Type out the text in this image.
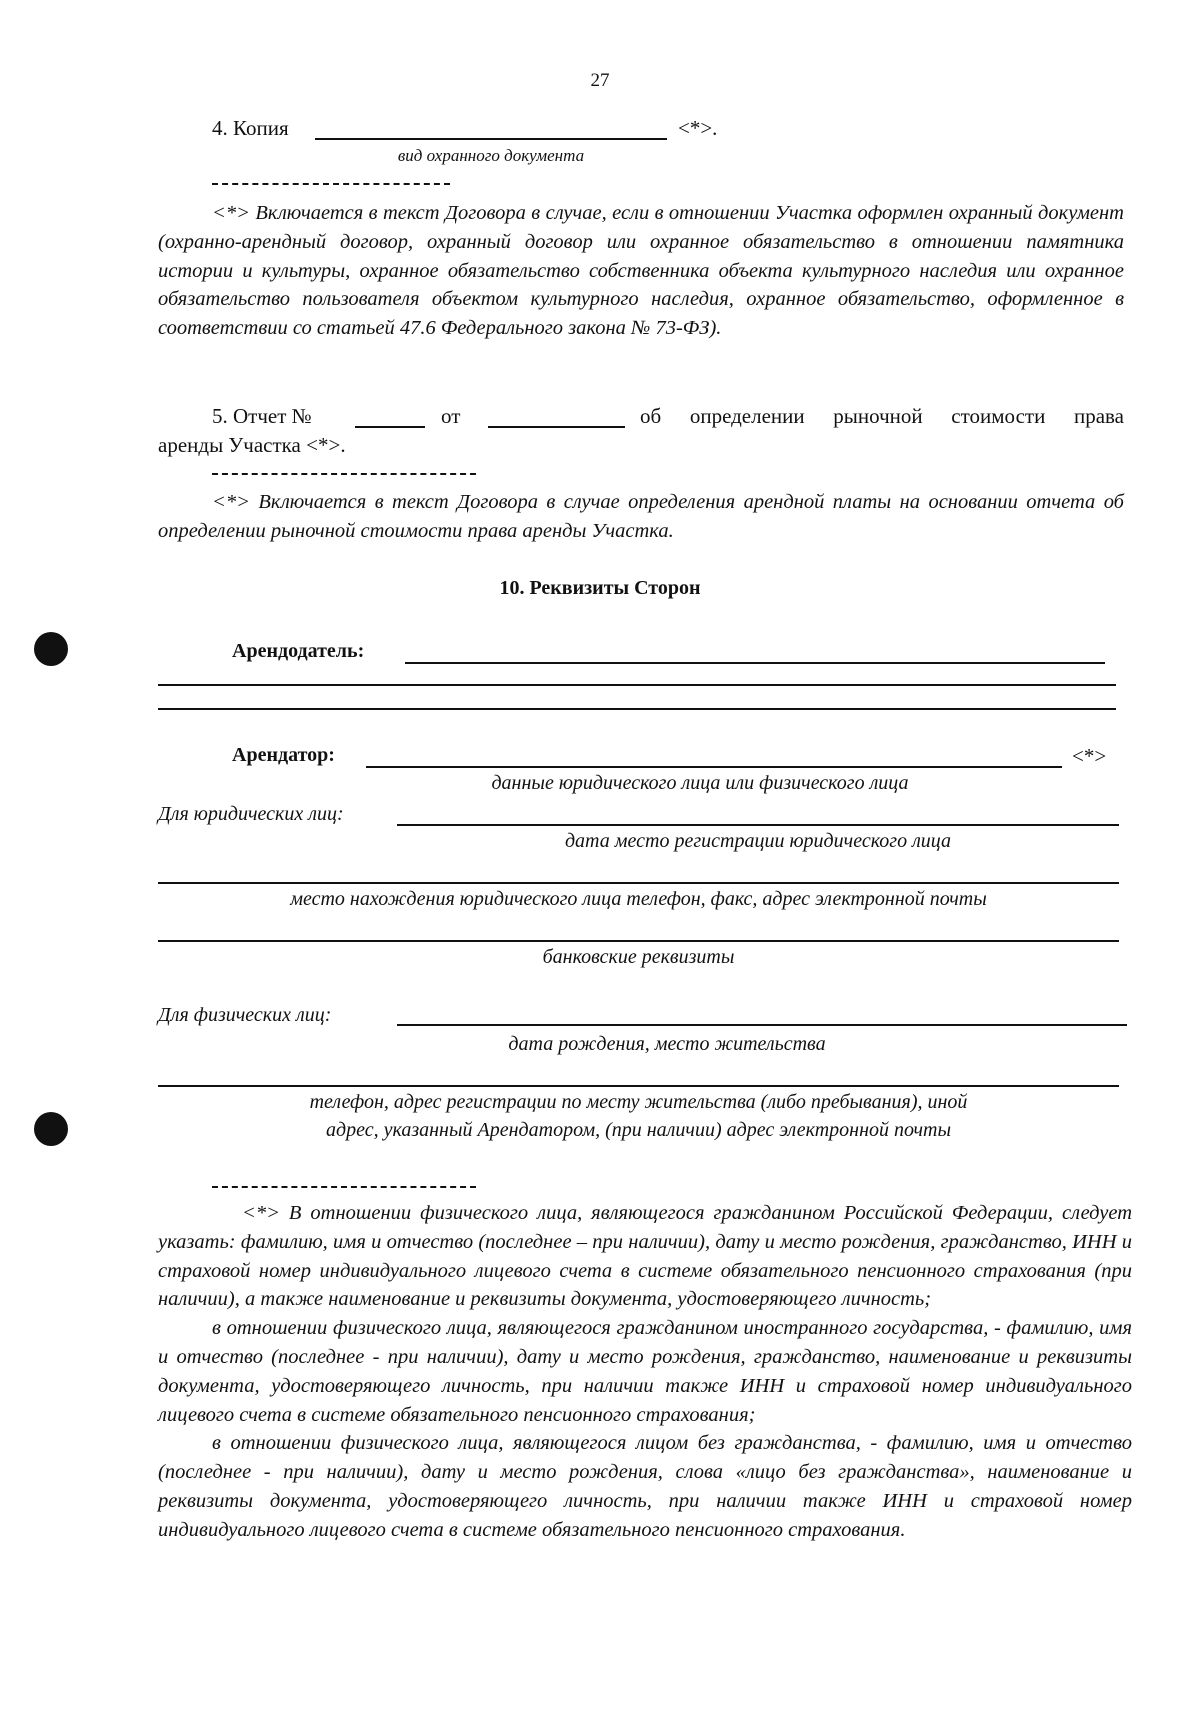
27
4. Копия	<*>.
вид охранного документа
<*> Включается в текст Договора в случае, если в отношении Участка оформлен охранный документ (охранно-арендный договор, охранный договор или охранное обязательство в отношении памятника истории и культуры, охранное обязательство собственника объекта культурного наследия или охранное обязательство пользователя объектом культурного наследия, охранное обязательство, оформленное в соответствии со статьей 47.6 Федерального закона № 73-ФЗ).
5. Отчет №	от	об определении рыночной стоимости права
аренды Участка <*>.
<*> Включается в текст Договора в случае определения арендной платы на основании отчета об определении рыночной стоимости права аренды Участка.
10. Реквизиты Сторон
Арендодатель:
Арендатор:	<*>
данные юридического лица или физического лица
Для юридических лиц:
дата место регистрации юридического лица
место нахождения юридического лица телефон, факс, адрес электронной почты
банковские реквизиты
Для физических лиц:
дата рождения, место жительства
телефон, адрес регистрации по месту жительства (либо пребывания), иной
адрес, указанный Арендатором, (при наличии) адрес электронной почты

<*> В отношении физического лица, являющегося гражданином Российской Федерации, следует указать: фамилию, имя и отчество (последнее – при наличии), дату и место рождения, гражданство, ИНН и страховой номер индивидуального лицевого счета в системе обязательного пенсионного страхования (при наличии), а также наименование и реквизиты документа, удостоверяющего личность;

в отношении физического лица, являющегося гражданином иностранного государства, - фамилию, имя и отчество (последнее - при наличии), дату и место рождения, гражданство, наименование и реквизиты документа, удостоверяющего личность, при наличии также ИНН и страховой номер индивидуального лицевого счета в системе обязательного пенсионного страхования;

в отношении физического лица, являющегося лицом без гражданства, - фамилию, имя и отчество (последнее - при наличии), дату и место рождения, слова «лицо без гражданства», наименование и реквизиты документа, удостоверяющего личность, при наличии также ИНН и страховой номер индивидуального лицевого счета в системе обязательного пенсионного страхования.
